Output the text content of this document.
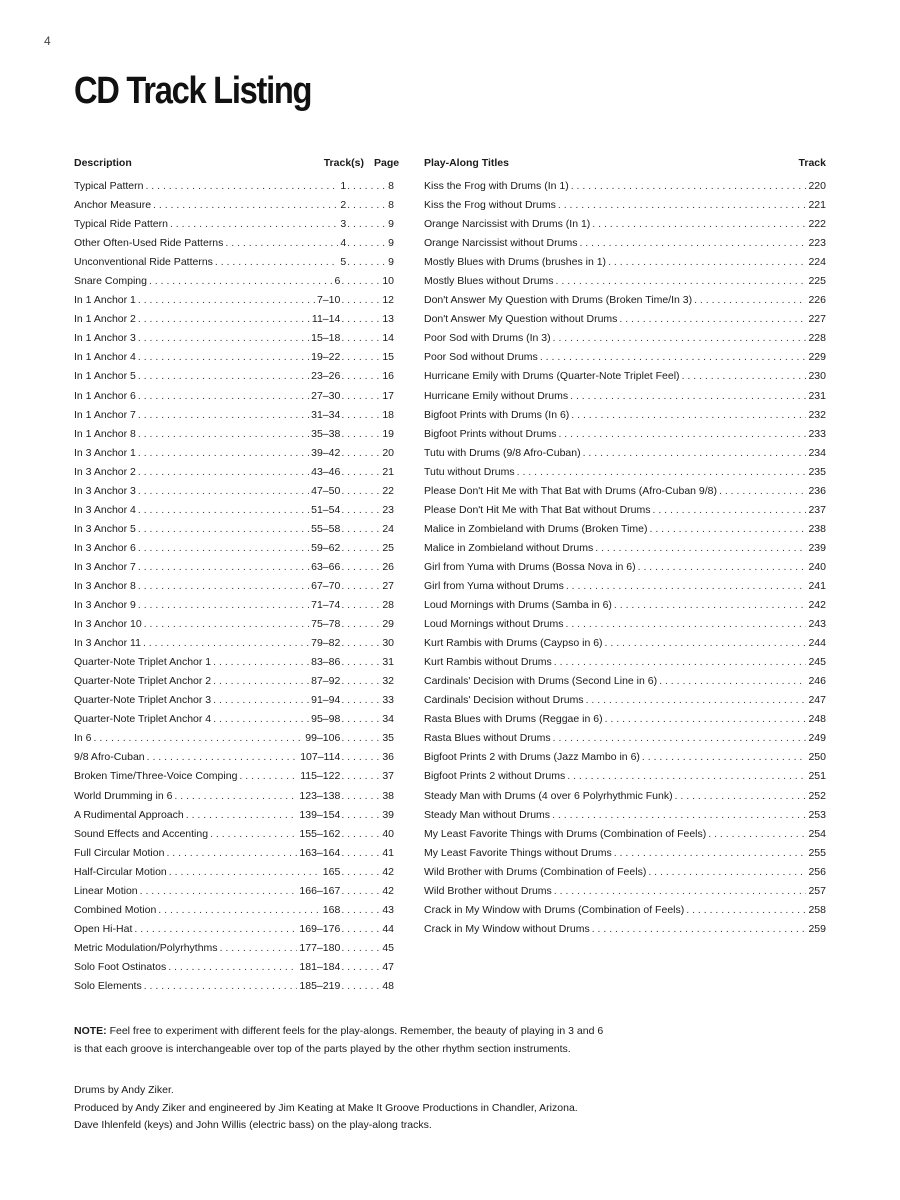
4
CD Track Listing
Description	Track(s) Page
Typical Pattern . . .	1 . . .	8
Anchor Measure . . .	2 . . .	8
Typical Ride Pattern . . .	3 . . .	9
Other Often-Used Ride Patterns . . .	4 . . .	9
Unconventional Ride Patterns . . .	5 . . .	9
Snare Comping . . .	6 . . .	10
In 1 Anchor 1 . . .	7–10 . . .	12
In 1 Anchor 2 . . .	11–14 . . .	13
In 1 Anchor 3 . . .	15–18 . . .	14
In 1 Anchor 4 . . .	19–22 . . .	15
In 1 Anchor 5 . . .	23–26 . . .	16
In 1 Anchor 6 . . .	27–30 . . .	17
In 1 Anchor 7 . . .	31–34 . . .	18
In 1 Anchor 8 . . .	35–38 . . .	19
In 3 Anchor 1 . . .	39–42 . . .	20
In 3 Anchor 2 . . .	43–46 . . .	21
In 3 Anchor 3 . . .	47–50 . . .	22
In 3 Anchor 4 . . .	51–54 . . .	23
In 3 Anchor 5 . . .	55–58 . . .	24
In 3 Anchor 6 . . .	59–62 . . .	25
In 3 Anchor 7 . . .	63–66 . . .	26
In 3 Anchor 8 . . .	67–70 . . .	27
In 3 Anchor 9 . . .	71–74 . . .	28
In 3 Anchor 10 . . .	75–78 . . .	29
In 3 Anchor 11 . . .	79–82 . . .	30
Quarter-Note Triplet Anchor 1 . . .	83–86 . . .	31
Quarter-Note Triplet Anchor 2 . . .	87–92 . . .	32
Quarter-Note Triplet Anchor 3 . . .	91–94 . . .	33
Quarter-Note Triplet Anchor 4 . . .	95–98 . . .	34
In 6 . . .	99–106 . . .	35
9/8 Afro-Cuban . . .	107–114 . . .	36
Broken Time/Three-Voice Comping . . .	115–122 . . .	37
World Drumming in 6 . . .	123–138 . . .	38
A Rudimental Approach . . .	139–154 . . .	39
Sound Effects and Accenting . . .	155–162 . . .	40
Full Circular Motion . . .	163–164 . . .	41
Half-Circular Motion . . .	165 . . .	42
Linear Motion . . .	166–167 . . .	42
Combined Motion . . .	168 . . .	43
Open Hi-Hat . . .	169–176 . . .	44
Metric Modulation/Polyrhythms . . .	177–180 . . .	45
Solo Foot Ostinatos . . .	181–184 . . .	47
Solo Elements . . .	185–219 . . .	48
Play-Along Titles	Track
Kiss the Frog with Drums (In 1) . . .	220
Kiss the Frog without Drums . . .	221
Orange Narcissist with Drums (In 1) . . .	222
Orange Narcissist without Drums . . .	223
Mostly Blues with Drums (brushes in 1) . . .	224
Mostly Blues without Drums . . .	225
Don't Answer My Question with Drums (Broken Time/In 3) . . .	226
Don't Answer My Question without Drums . . .	227
Poor Sod with Drums (In 3) . . .	228
Poor Sod without Drums . . .	229
Hurricane Emily with Drums (Quarter-Note Triplet Feel) . . .	230
Hurricane Emily without Drums . . .	231
Bigfoot Prints with Drums (In 6) . . .	232
Bigfoot Prints without Drums . . .	233
Tutu with Drums (9/8 Afro-Cuban) . . .	234
Tutu without Drums . . .	235
Please Don't Hit Me with That Bat with Drums (Afro-Cuban 9/8) . . .	236
Please Don't Hit Me with That Bat without Drums . . .	237
Malice in Zombieland with Drums (Broken Time) . . .	238
Malice in Zombieland without Drums . . .	239
Girl from Yuma with Drums (Bossa Nova in 6) . . .	240
Girl from Yuma without Drums . . .	241
Loud Mornings with Drums (Samba in 6) . . .	242
Loud Mornings without Drums . . .	243
Kurt Rambis with Drums (Caypso in 6) . . .	244
Kurt Rambis without Drums . . .	245
Cardinals' Decision with Drums (Second Line in 6) . . .	246
Cardinals' Decision without Drums . . .	247
Rasta Blues with Drums (Reggae in 6) . . .	248
Rasta Blues without Drums . . .	249
Bigfoot Prints 2 with Drums (Jazz Mambo in 6) . . .	250
Bigfoot Prints 2 without Drums . . .	251
Steady Man with Drums (4 over 6 Polyrhythmic Funk) . . .	252
Steady Man without Drums . . .	253
My Least Favorite Things with Drums (Combination of Feels) . . .	254
My Least Favorite Things without Drums . . .	255
Wild Brother with Drums (Combination of Feels) . . .	256
Wild Brother without Drums . . .	257
Crack in My Window with Drums (Combination of Feels) . . .	258
Crack in My Window without Drums . . .	259
NOTE: Feel free to experiment with different feels for the play-alongs. Remember, the beauty of playing in 3 and 6
is that each groove is interchangeable over top of the parts played by the other rhythm section instruments.
Drums by Andy Ziker.
Produced by Andy Ziker and engineered by Jim Keating at Make It Groove Productions in Chandler, Arizona.
Dave Ihlenfeld (keys) and John Willis (electric bass) on the play-along tracks.
